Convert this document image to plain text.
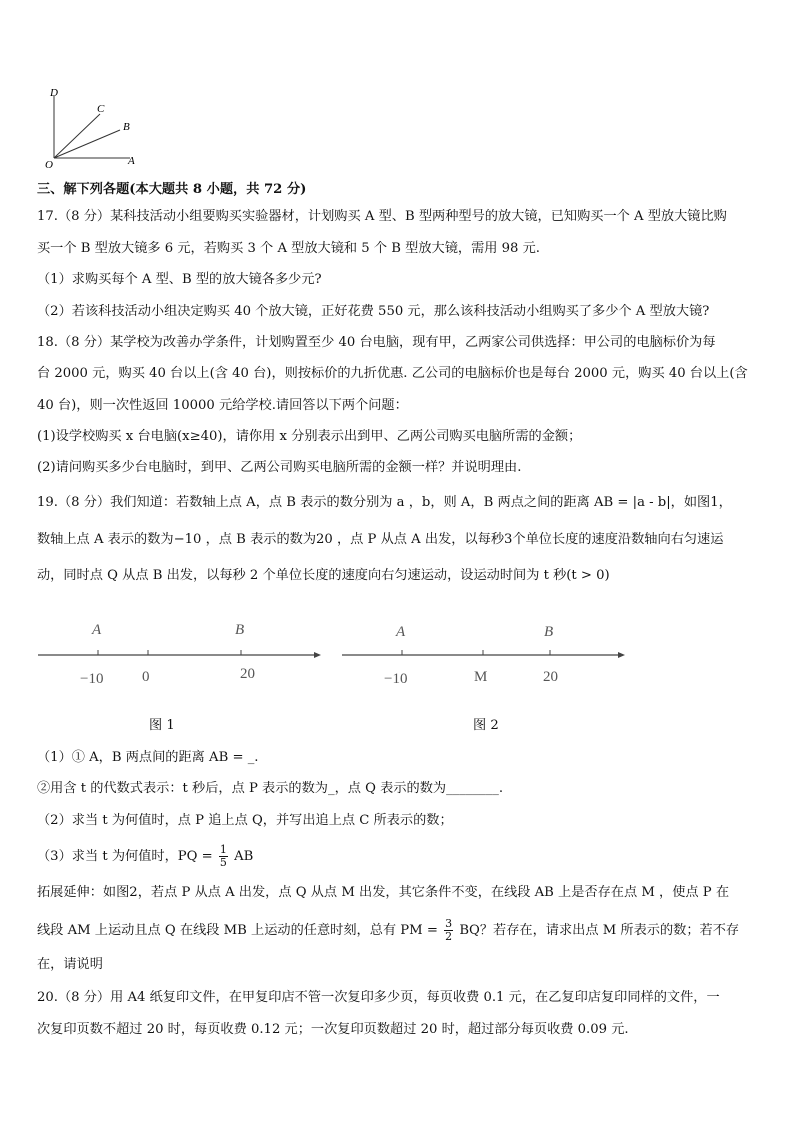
D
C
B
O	A
三、解下列各题(本大题共 8 小题，共 72 分)
17.（8 分）某科技活动小组要购买实验器材，计划购买 A 型、B 型两种型号的放大镜，已知购买一个 A 型放大镜比购
买一个 B 型放大镜多 6 元，若购买 3 个 A 型放大镜和 5 个 B 型放大镜，需用 98 元.
（1）求购买每个 A 型、B 型的放大镜各多少元?
（2）若该科技活动小组决定购买 40 个放大镜，正好花费 550 元，那么该科技活动小组购买了多少个 A 型放大镜?
18.（8 分）某学校为改善办学条件，计划购置至少 40 台电脑，现有甲，乙两家公司供选择：甲公司的电脑标价为每
台 2000 元，购买 40 台以上(含 40 台)，则按标价的九折优惠. 乙公司的电脑标价也是每台 2000 元，购买 40 台以上(含
40 台)，则一次性返回 10000 元给学校.请回答以下两个问题：
(1)设学校购买 x 台电脑(x≥40)，请你用 x 分别表示出到甲、乙两公司购买电脑所需的金额；
(2)请问购买多少台电脑时，到甲、乙两公司购买电脑所需的金额一样？并说明理由.
19.（8 分）我们知道：若数轴上点 A，点 B 表示的数分别为 a ，b，则 A，B 两点之间的距离 AB = |a - b|，如图1，
数轴上点 A 表示的数为−10 ，点 B 表示的数为20 ，点 P 从点 A 出发，以每秒3个单位长度的速度沿数轴向右匀速运
动，同时点 Q 从点 B 出发，以每秒 2 个单位长度的速度向右匀速运动，设运动时间为 t 秒(t > 0)
A	B
−10	0	20
图 1
A	B
−10	M	20
图 2
（1）① A，B 两点间的距离 AB = _.
②用含 t 的代数式表示：t 秒后，点 P 表示的数为_，点 Q 表示的数为________.
（2）求当 t 为何值时，点 P 追上点 Q，并写出追上点 C 所表示的数；
（3）求当 t 为何值时，PQ = $\frac{1}{5}$ AB
拓展延伸：如图2，若点 P 从点 A 出发，点 Q 从点 M 出发，其它条件不变，在线段 AB 上是否存在点 M ，使点 P 在
线段 AM 上运动且点 Q 在线段 MB 上运动的任意时刻，总有 PM = $\frac{3}{2}$ BQ？若存在，请求出点 M 所表示的数；若不存
在，请说明
20.（8 分）用 A4 纸复印文件，在甲复印店不管一次复印多少页，每页收费 0.1 元，在乙复印店复印同样的文件，一
次复印页数不超过 20 时，每页收费 0.12 元；一次复印页数超过 20 时，超过部分每页收费 0.09 元.
